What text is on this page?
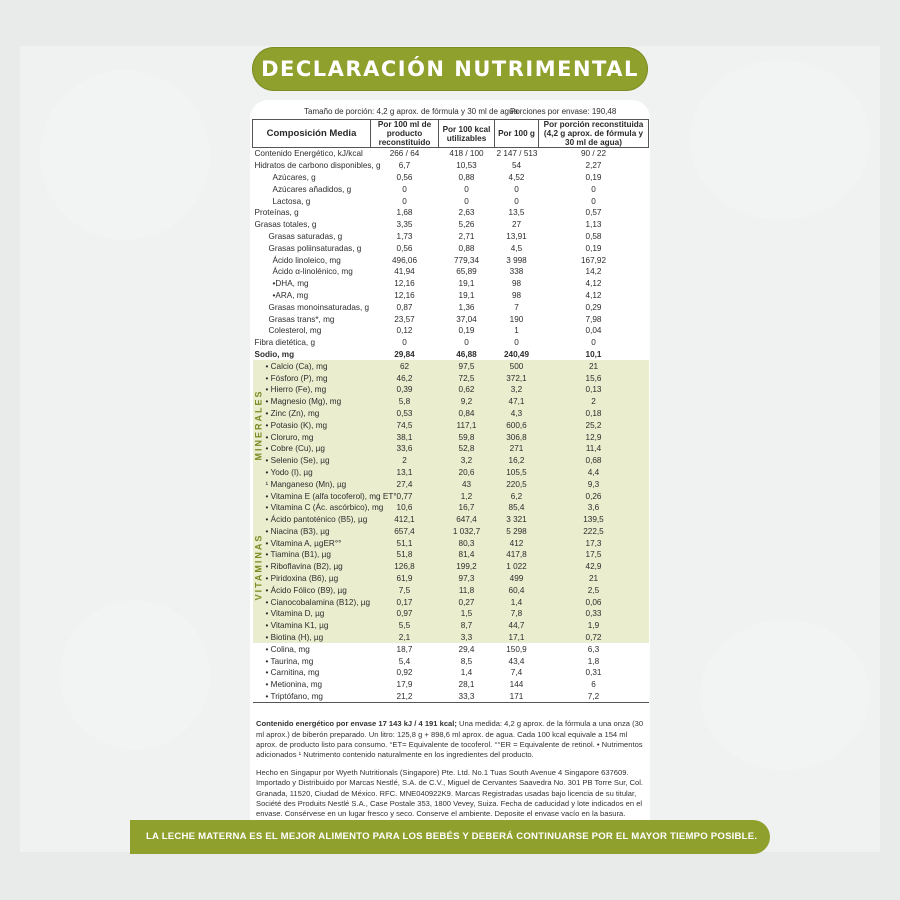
DECLARACIÓN NUTRIMENTAL
Tamaño de porción: 4,2 g aprox. de fórmula y 30 ml de agua
Porciones por envase: 190,48
Composición Media	Por 100 ml de producto reconstituido	Por 100 kcal utilizables	Por 100 g	Por porción reconstituida (4,2 g aprox. de fórmula y 30 ml de agua)
Contenido Energético, kJ/kcal	266 / 64	418 / 100	2 147 / 513	90 / 22
Hidratos de carbono disponibles, g	6,7	10,53	54	2,27
Azúcares, g	0,56	0,88	4,52	0,19
Azúcares añadidos, g	0	0	0	0
Lactosa, g	0	0	0	0
Proteínas, g	1,68	2,63	13,5	0,57
Grasas totales, g	3,35	5,26	27	1,13
Grasas saturadas, g	1,73	2,71	13,91	0,58
Grasas poliinsaturadas, g	0,56	0,88	4,5	0,19
Ácido linoleico, mg	496,06	779,34	3 998	167,92
Ácido α-linolénico, mg	41,94	65,89	338	14,2
•DHA, mg	12,16	19,1	98	4,12
•ARA, mg	12,16	19,1	98	4,12
Grasas monoinsaturadas, g	0,87	1,36	7	0,29
Grasas trans*, mg	23,57	37,04	190	7,98
Colesterol, mg	0,12	0,19	1	0,04
Fibra dietética, g	0	0	0	0
Sodio, mg	29,84	46,88	240,49	10,1
• Calcio (Ca), mg	62	97,5	500	21
• Fósforo (P), mg	46,2	72,5	372,1	15,6
• Hierro (Fe), mg	0,39	0,62	3,2	0,13
• Magnesio (Mg), mg	5,8	9,2	47,1	2
• Zinc (Zn), mg	0,53	0,84	4,3	0,18
• Potasio (K), mg	74,5	117,1	600,6	25,2
• Cloruro, mg	38,1	59,8	306,8	12,9
• Cobre (Cu), µg	33,6	52,8	271	11,4
• Selenio (Se), µg	2	3,2	16,2	0,68
• Yodo (I), µg	13,1	20,6	105,5	4,4
¹ Manganeso (Mn), µg	27,4	43	220,5	9,3
• Vitamina E (alfa tocoferol), mg ET°	0,77	1,2	6,2	0,26
• Vitamina C (Ác. ascórbico), mg	10,6	16,7	85,4	3,6
• Ácido pantoténico (B5), µg	412,1	647,4	3 321	139,5
• Niacina (B3), µg	657,4	1 032,7	5 298	222,5
• Vitamina A, µgER°°	51,1	80,3	412	17,3
• Tiamina (B1), µg	51,8	81,4	417,8	17,5
• Riboflavina (B2), µg	126,8	199,2	1 022	42,9
• Piridoxina (B6), µg	61,9	97,3	499	21
• Ácido Fólico (B9), µg	7,5	11,8	60,4	2,5
• Cianocobalamina (B12), µg	0,17	0,27	1,4	0,06
• Vitamina D, µg	0,97	1,5	7,8	0,33
• Vitamina K1, µg	5,5	8,7	44,7	1,9
• Biotina (H), µg	2,1	3,3	17,1	0,72
• Colina, mg	18,7	29,4	150,9	6,3
• Taurina, mg	5,4	8,5	43,4	1,8
• Carnitina, mg	0,92	1,4	7,4	0,31
• Metionina, mg	17,9	28,1	144	6
• Triptófano, mg	21,2	33,3	171	7,2
MINERALES
VITAMINAS
Contenido energético por envase 17 143 kJ / 4 191 kcal; Una medida: 4,2 g aprox. de la fórmula a una onza (30 ml aprox.) de biberón preparado. Un litro: 125,8 g + 898,6 ml aprox. de agua. Cada 100 kcal equivale a 154 ml aprox. de producto listo para consumo. °ET= Equivalente de tocoferol. °°ER = Equivalente de retinol. • Nutrimentos adicionados ¹ Nutrimento contenido naturalmente en los ingredientes del producto.
Hecho en Singapur por Wyeth Nutritionals (Singapore) Pte. Ltd. No.1 Tuas South Avenue 4 Singapore 637609. Importado y Distribuido por Marcas Nestlé, S.A. de C.V., Miguel de Cervantes Saavedra No. 301 PB Torre Sur, Col. Granada, 11520, Ciudad de México. RFC. MNE040922K9. Marcas Registradas usadas bajo licencia de su titular, Société des Produits Nestlé S.A., Case Postale 353, 1800 Vevey, Suiza. Fecha de caducidad y lote indicados en el envase. Consérvese en un lugar fresco y seco. Conserve el ambiente. Deposite el envase vacío en la basura.
LA LECHE MATERNA ES EL MEJOR ALIMENTO PARA LOS BEBÉS Y DEBERÁ CONTINUARSE POR EL MAYOR TIEMPO POSIBLE.
